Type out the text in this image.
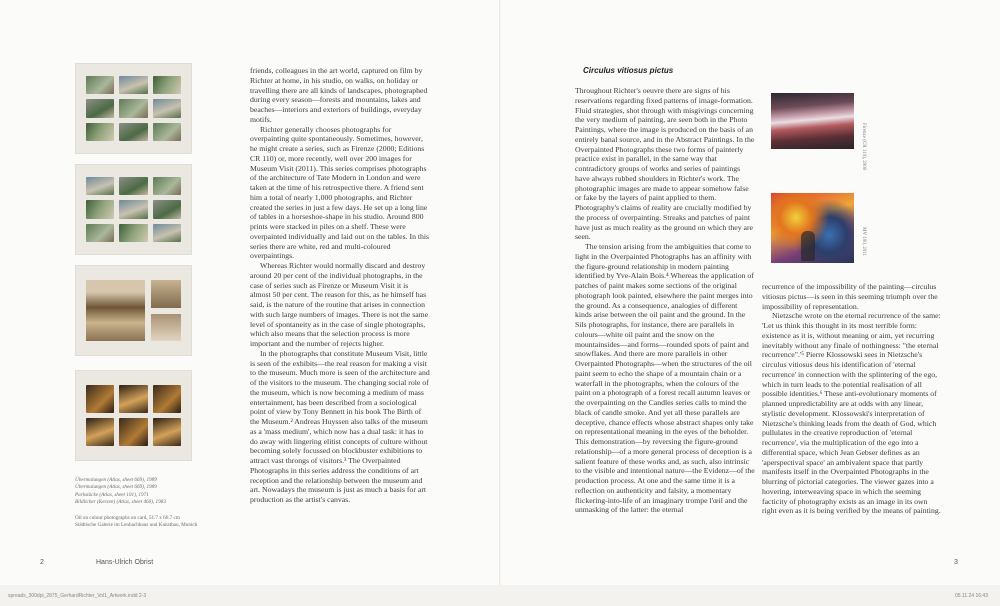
Übermalungen (Atlas, sheet 669), 1989
Übermalungen (Atlas, sheet 669), 1989
Parkstücke (Atlas, sheet 101), 1971
Bildlicher (Kerzen) (Atlas, sheet 460), 1983
Oil on colour photographs on card, 51.7 x 66.7 cm
Städtische Galerie im Lenbachhaus und Kunstbau, Munich

friends, colleagues in the art world, captured on film by Richter at home, in his studio, on walks, on holiday or travelling there are all kinds of landscapes, photographed during every season—forests and mountains, lakes and beaches—interiors and exteriors of buildings, everyday motifs.

Richter generally chooses photographs for overpainting quite spontaneously. Sometimes, however, he might create a series, such as Firenze (2000; Editions CR 110) or, more recently, well over 200 images for Museum Visit (2011). This series comprises photographs of the architecture of Tate Modern in London and were taken at the time of his retrospective there. A friend sent him a total of nearly 1,000 photographs, and Richter created the series in just a few days. He set up a long line of tables in a horseshoe-shape in his studio. Around 800 prints were stacked in piles on a shelf. These were overpainted individually and laid out on the tables. In this series there are white, red and multi-coloured overpaintings.

Whereas Richter would normally discard and destroy around 20 per cent of the individual photographs, in the case of series such as Firenze or Museum Visit it is almost 50 per cent. The reason for this, as he himself has said, is the nature of the routine that arises in connection with such large numbers of images. There is not the same level of spontaneity as in the case of single photographs, which also means that the selection process is more important and the number of rejects higher.

In the photographs that constitute Museum Visit, little is seen of the exhibits—the real reason for making a visit to the museum. Much more is seen of the architecture and of the visitors to the museum. The changing social role of the museum, which is now becoming a medium of mass entertainment, has been described from a sociological point of view by Tony Bennett in his book The Birth of the Museum.² Andreas Huyssen also talks of the museum as a 'mass medium', which now has a dual task: it has to do away with lingering elitist concepts of culture without becoming solely focussed on blockbuster exhibitions to attract vast throngs of visitors.³ The Overpainted Photographs in this series address the conditions of art reception and the relationship between the museum and art. Nowadays the museum is just as much a basis for art production as the artist's canvas.

2	Hans-Ulrich Obrist
Circulus vitiosus pictus

Throughout Richter's oeuvre there are signs of his reservations regarding fixed patterns of image-formation. Fluid strategies, shot through with misgivings concerning the very medium of painting, are seen both in the Photo Paintings, where the image is produced on the basis of an entirely banal source, and in the Abstract Paintings. In the Overpainted Photographs these two forms of painterly practice exist in parallel, in the same way that contradictory groups of works and series of paintings have always rubbed shoulders in Richter's work. The photographic images are made to appear somehow false or fake by the layers of paint applied to them. Photography's claims of reality are crucially modified by the process of overpainting. Streaks and patches of paint have just as much reality as the ground on which they are seen.

The tension arising from the ambiguities that come to light in the Overpainted Photographs has an affinity with the figure-ground relationship in modern painting identified by Yve-Alain Bois.⁴ Whereas the application of patches of paint makes some sections of the original photograph look painted, elsewhere the paint merges into the ground. As a consequence, analogies of different kinds arise between the oil paint and the ground. In the Sils photographs, for instance, there are parallels in colours—white oil paint and the snow on the mountainsides—and forms—rounded spots of paint and snowflakes. And there are more parallels in other Overpainted Photographs—when the structures of the oil paint seem to echo the shape of a mountain chain or a waterfall in the photographs, when the colours of the paint on a photograph of a forest recall autumn leaves or the overpainting on the Candles series calls to mind the black of candle smoke. And yet all these parallels are deceptive, chance effects whose abstract shapes only take on representational meaning in the eyes of the beholder. This demonstration—by reversing the figure-ground relationship—of a more general process of deception is a salient feature of these works and, as such, also intrinsic to the visible and intentional nature—the Evidenz—of the production process. At one and the same time it is a reflection on authenticity and falsity, a momentary flickering-into-life of an imaginary trompe l'œil and the unmasking of the latter: the eternal

Firenze (CR 110), 2000
MV 100, 2011

recurrence of the impossibility of the painting—circulus vitiosus pictus—is seen in this seeming triumph over the impossibility of representation.

Nietzsche wrote on the eternal recurrence of the same: 'Let us think this thought in its most terrible form: existence as it is, without meaning or aim, yet recurring inevitably without any finale of nothingness: "the eternal recurrence".'⁵ Pierre Klossowski sees in Nietzsche's circulus vitiosus deus his identification of 'eternal recurrence' in connection with the splintering of the ego, which in turn leads to the potential realisation of all possible identities.⁶ These anti-evolutionary moments of planned unpredictability are at odds with any linear, stylistic development. Klossowski's interpretation of Nietzsche's thinking leads from the death of God, which pullulates in the creative reproduction of 'eternal recurrence', via the multiplication of the ego into a differential space, which Jean Gebser defines as an 'aperspectival space' an ambivalent space that partly manifests itself in the Overpainted Photographs in the blurring of pictorial categories. The viewer gazes into a hovering, interweaving space in which the seeming facticity of photography exists as an image in its own right even as it is being verified by the means of painting.

3
spreads_300dpi_2875_GerhardRichter_Vol1_Artwork.indd 2-3	05.11.24 16:43
